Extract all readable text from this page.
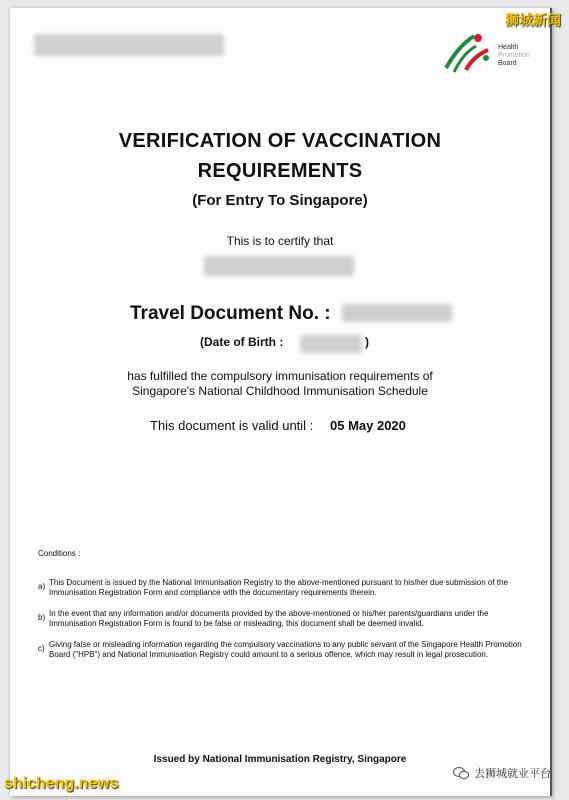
Health
Promotion
Board
VERIFICATION OF VACCINATION
REQUIREMENTS
(For Entry To Singapore)
This is to certify that
Travel Document No. :
(Date of Birth :	)
has fulfilled the compulsory immunisation requirements of
Singapore's National Childhood Immunisation Schedule
This document is valid until : 05 May 2020
Conditions :
a) This Document is issued by the National Immunisation Registry to the above-mentioned pursuant to his/her due submission of the Immunisation Registration Form and compliance with the documentary requirements therein.
b) In the event that any information and/or documents provided by the above-mentioned or his/her parents/guardians under the Immunisation Registration Form is found to be false or misleading, this document shall be deemed invalid.
c) Giving false or misleading information regarding the compulsory vaccinations to any public servant of the Singapore Health Promotion Board ("HPB") and National Immunisation Registry could amount to a serious offence, which may result in legal prosecution.
Issued by National Immunisation Registry, Singapore
狮城新闻
shicheng.news
去狮城就业平台
